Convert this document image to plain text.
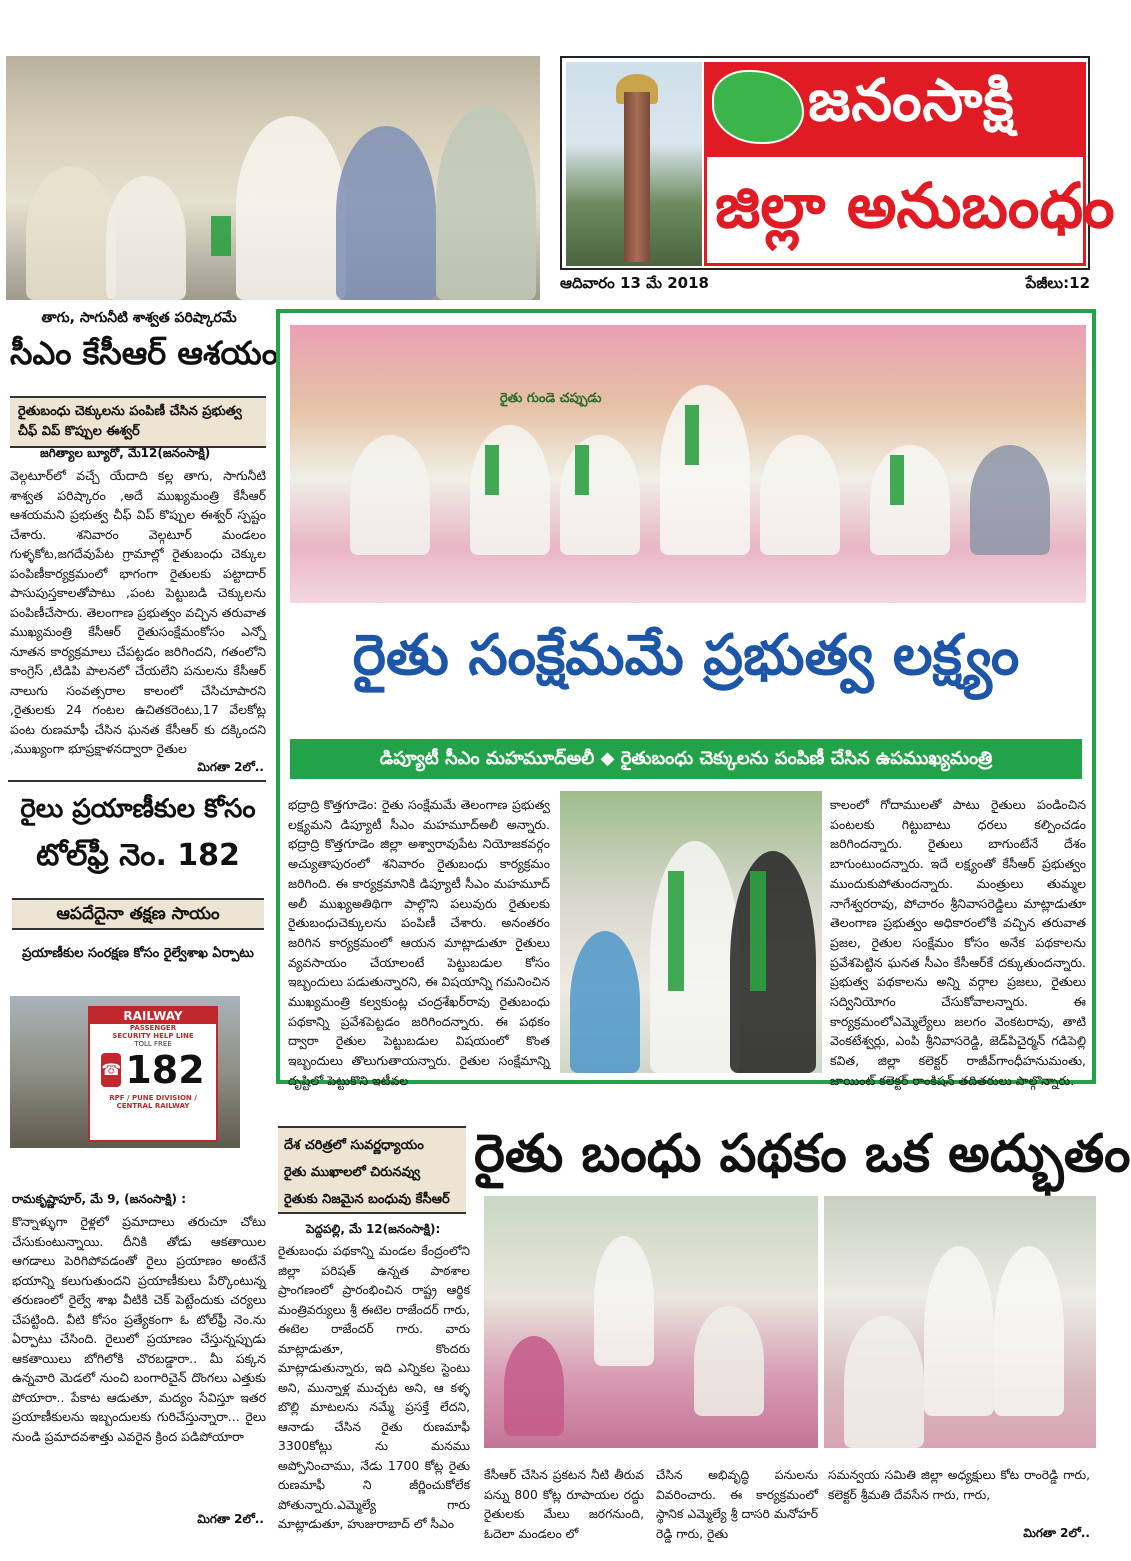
జనంసాక్షి
జిల్లా అనుబంధం
ఆదివారం 13 మే 2018	పేజీలు:12
తాగు, సాగునీటి శాశ్వత పరిష్కారమే
సీఎం కేసీఆర్ ఆశయం
రైతుబంధు చెక్కులను పంపిణీ చేసిన ప్రభుత్వ చీఫ్ విప్ కొప్పుల ఈశ్వర్
జగిత్యాల బ్యూరో, మే12(జనంసాక్షి)
వెల్గటూర్‌లో వచ్చే యేదాది కల్ల తాగు, సాగునీటి శాశ్వత పరిష్కారం ,అదే ముఖ్యమంత్రి కేసీఆర్ ఆశయమని ప్రభుత్వ చీఫ్ విప్ కొప్పుల ఈశ్వర్ స్పష్టం చేశారు. శనివారం వెల్గటూర్ మండలం గుళ్ళకోట,జగదేవుపేట గ్రామాల్లో రైతుబంధు చెక్కుల పంపిణీకార్యక్రమంలో భాగంగా రైతులకు పట్టాదార్ పాసుపుస్తకాలతోపాటు ,పంట పెట్టుబడి చెక్కులను పంపిణీచేసారు. తెలంగాణ ప్రభుత్వం వచ్చిన తరువాత ముఖ్యమంత్రి కేసీఆర్ రైతుసంక్షేమంకోసం ఎన్నో నూతన కార్యక్రమాలు చేపట్టడం జరిగిందని, గతంలోని కాంగ్రెస్ ,టిడిపి పాలనలో చేయలేని పనులను కేసీఆర్ నాలుగు సంవత్సరాల కాలంలో చేసిచూపారని ,రైతులకు 24 గంటల ఉచితకరెంటు,17 వేలకోట్ల పంట రుణమాఫీ చేసిన ఘనత కేసీఆర్ కు దక్కిందని ,ముఖ్యంగా భూప్రక్షాళనద్వారా రైతుల
మిగతా 2లో..
రైలు ప్రయాణీకుల కోసం
టోల్‌ఫ్రీ నెం. 182
ఆపదేదైనా తక్షణ సాయం
ప్రయాణీకుల సంరక్షణ కోసం రైల్వేశాఖ ఏర్పాటు
RAILWAY
PASSENGER
SECURITY HELP LINE
TOLL FREE
☎ 182
RPF / PUNE DIVISION /
CENTRAL RAILWAY
రామకృష్ణాపూర్, మే 9, (జనంసాక్షి) :
కొన్నాళ్ళుగా రైళ్లలో ప్రమాదాలు తరుచూ చోటు చేసుకుంటున్నాయి. దీనికి తోడు ఆకతాయిల ఆగడాలు పెరిగిపోవడంతో రైలు ప్రయాణం అంటేనే భయాన్ని కలుగుతుందని ప్రయాణీకులు పేర్కొంటున్న తరుణంలో రైల్వే శాఖ వీటికి చెక్ పెట్టేందుకు చర్యలు చేపట్టింది. వీటి కోసం ప్రత్యేకంగా ఓ టోల్‌ఫ్రీ నెం.ను ఏర్పాటు చేసింది. రైలులో ప్రయాణం చేస్తున్నప్పుడు ఆకతాయిలు బోగిలోకి చొరబడ్డారా.. మీ పక్కన ఉన్నవారి మెడలో నుంచి బంగారిచైన్ దొంగలు ఎత్తుకు పోయారా.. పేకాట ఆడుతూ, మద్యం సేవిస్తూ ఇతర ప్రయాణీకులను ఇబ్బందులకు గురిచేస్తున్నారా... రైలు నుండి ప్రమాదవశాత్తు ఎవరైన క్రింద పడిపోయారా
మిగతా 2లో..
రైతు గుండె చప్పుడు
రైతు సంక్షేమమే ప్రభుత్వ లక్ష్యం
డిప్యూటీ సీఎం మహమూద్‌అలీ ◆ రైతుబంధు చెక్కులను పంపిణీ చేసిన ఉపముఖ్యమంత్రి
భద్రాద్రి కొత్తగూడెం: రైతు సంక్షేమమే తెలంగాణ ప్రభుత్వ లక్ష్యమని డిప్యూటీ సీఎం మహమూద్‌అలీ అన్నారు. భద్రాద్రి కొత్తగూడెం జిల్లా అశ్వారావుపేట నియోజకవర్గం అచ్యుతాపురంలో శనివారం రైతుబంధు కార్యక్రమం జరిగింది. ఈ కార్యక్రమానికి డిప్యూటీ సీఎం మహమూద్ అలీ ముఖ్యఅతిథిగా పాల్గొని పలువురు రైతులకు రైతుబంధుచెక్కులను పంపిణీ చేశారు. అనంతరం జరిగిన కార్యక్రమంలో ఆయన మాట్లాడుతూ రైతులు వ్యవసాయం చేయాలంటే పెట్టుబడుల కోసం ఇబ్బందులు పడుతున్నారని, ఈ విషయాన్ని గమనించిన ముఖ్యమంత్రి కల్వకుంట్ల చంద్రశేఖర్‌రావు రైతుబంధు పథకాన్ని ప్రవేశపెట్టడం జరిగిందన్నారు. ఈ పథకం ద్వారా రైతుల పెట్టుబడుల విషయంలో కొంత ఇబ్బందులు తొలుగుతాయన్నారు. రైతుల సంక్షేమాన్ని దృష్టిలో పెట్టుకొని ఇటీవల
కాలంలో గోదాములతో పాటు రైతులు పండించిన పంటలకు గిట్టుబాటు ధరలు కల్పించడం జరిగిందన్నారు. రైతులు బాగుంటేనే దేశం బాగుంటుందన్నారు. ఇదే లక్ష్యంతో కేసీఆర్ ప్రభుత్వం ముందుకుపోతుందన్నారు. మంత్రులు తుమ్మల నాగేశ్వరరావు, పోచారం శ్రీనివాసరెడ్డిలు మాట్లాడుతూ తెలంగాణ ప్రభుత్వం అధికారంలోకి వచ్చిన తరువాత ప్రజల, రైతుల సంక్షేమం కోసం అనేక పథకాలను ప్రవేశపెట్టిన ఘనత సీఎం కేసీఆర్‌కే దక్కుతుందన్నారు. ప్రభుత్వ పథకాలను అన్ని వర్గాల ప్రజలు, రైతులు సద్వినియోగం చేసుకోవాలన్నారు. ఈ కార్యక్రమంలోఎమ్మెల్యేలు జలగం వెంకటరావు, తాటి వెంకటేశ్వర్లు, ఎంపి శ్రీనివాసరెడ్డి, జెడ్‌పిచైర్మన్ గడిపెల్లి కవిత, జిల్లా కలెక్టర్ రాజీవ్‌గాంధీహనుమంతు, జాయింట్ కలెక్టర్ రాంకిషన్ తదితరులు పాల్గొన్నారు.
దేశ చరిత్రలో సువర్ణధ్యాయం
రైతు ముఖాలలో చిరునవ్వు
రైతుకు నిజమైన బంధువు కేసీఆర్
రైతు బంధు పథకం ఒక అద్భుతం
పెద్దపల్లి, మే 12(జనంసాక్షి):
రైతుబంధు పథకాన్ని మండల కేంద్రంలోని జిల్లా పరిషత్ ఉన్నత పాఠశాల ప్రాంగణంలో ప్రారంభించిన రాష్ట్ర ఆర్థిక మంత్రివర్యులు శ్రీ ఈటెల రాజేందర్ గారు, ఈటెల రాజేందర్ గారు. వారు మాట్లాడుతూ, కొందరు మాట్లాడుతున్నారు, ఇది ఎన్నికల స్టెంటు అని, మున్నాళ్ల ముచ్చట అని, ఆ కళ్ళ బొల్లి మాటలను నమ్మే ప్రసక్తే లేదని, ఆనాడు చేసిన రైతు రుణమాఫీ 3300కోట్లు ను మనము అప్పోనించాము, నేడు 1700 కోట్ల రైతు రుణమాఫీ ని జీర్ణించుకోలేక పోతున్నారు.ఎమ్మెల్యే గారు మాట్లాడుతూ, హుజురాబాద్ లో సీఎం
కేసీఆర్ చేసిన ప్రకటన నీటి తీరువ పన్ను 800 కోట్ల రూపాయల రద్దు రైతులకు మేలు జరగనుంది, ఓదెలా మండలం లో
చేసిన అభివృద్ధి పనులను వివరించారు. ఈ కార్యక్రమంలో స్థానిక ఎమ్మెల్యే శ్రీ దాసరి మనోహర్ రెడ్డి గారు, రైతు
సమన్వయ సమితి జిల్లా అధ్యక్షులు కోట రాంరెడ్డి గారు, కలెక్టర్ శ్రీమతి దేవసేన గారు, గారు,
మిగతా 2లో..
